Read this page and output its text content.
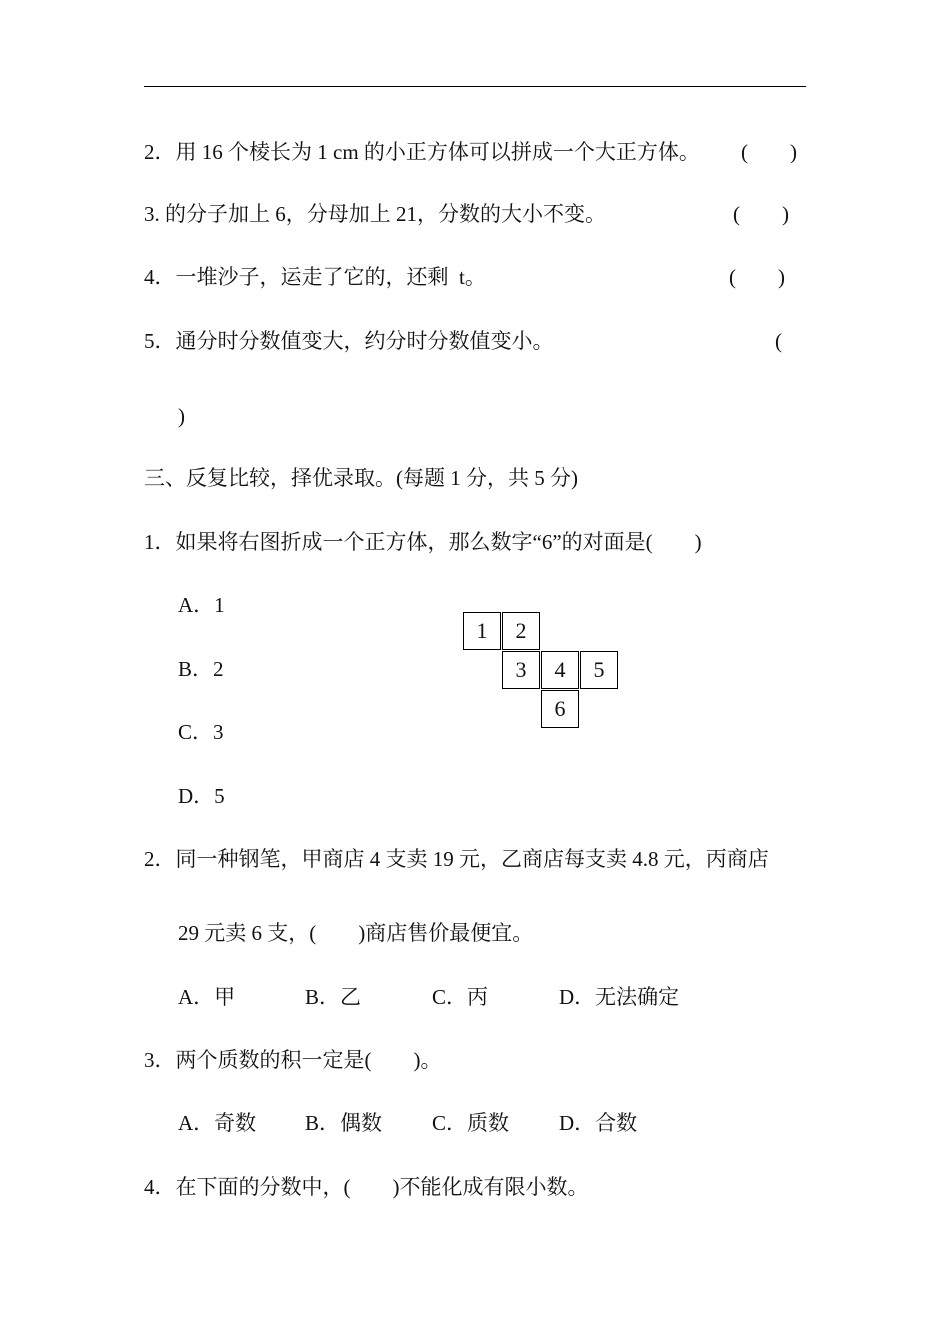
2．用 16 个棱长为 1 cm 的小正方体可以拼成一个大正方体。 (　　)
3. 的分子加上 6，分母加上 21，分数的大小不变。	(　　)
4．一堆沙子，运走了它的，还剩  t。	(　　)
5．通分时分数值变大，约分时分数值变小。	(
)
三、反复比较，择优录取。(每题 1 分，共 5 分)
1．如果将右图折成一个正方体，那么数字“6”的对面是(　　)
A．1
B．2
C．3
D．5
1	2
3	4	5
6
2．同一种钢笔，甲商店 4 支卖 19 元，乙商店每支卖 4.8 元，丙商店
29 元卖 6 支，(　　)商店售价最便宜。
A．甲	B．乙	C．丙	D．无法确定
3．两个质数的积一定是(　　)。
A．奇数 B．偶数 C．质数 D．合数
4．在下面的分数中，(　　)不能化成有限小数。
